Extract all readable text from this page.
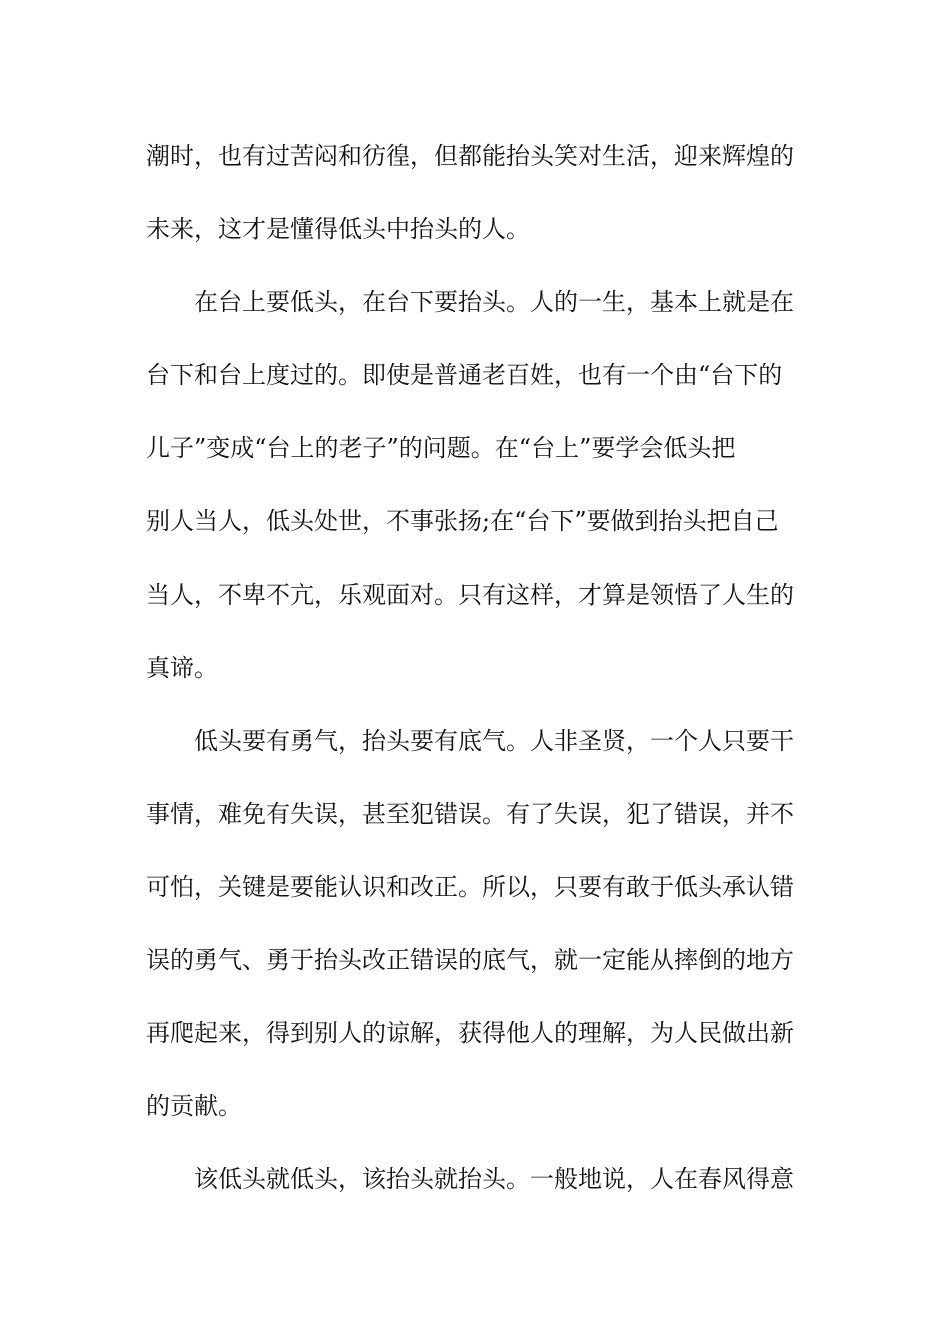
潮时，也有过苦闷和彷徨，但都能抬头笑对生活，迎来辉煌的
未来，这才是懂得低头中抬头的人。
在台上要低头，在台下要抬头。人的一生，基本上就是在
台下和台上度过的。即使是普通老百姓，也有一个由“台下的
儿子”变成“台上的老子”的问题。在“台上”要学会低头把
别人当人，低头处世，不事张扬;在“台下”要做到抬头把自己
当人，不卑不亢，乐观面对。只有这样，才算是领悟了人生的
真谛。
低头要有勇气，抬头要有底气。人非圣贤，一个人只要干
事情，难免有失误，甚至犯错误。有了失误，犯了错误，并不
可怕，关键是要能认识和改正。所以，只要有敢于低头承认错
误的勇气、勇于抬头改正错误的底气，就一定能从摔倒的地方
再爬起来，得到别人的谅解，获得他人的理解，为人民做出新
的贡献。
该低头就低头，该抬头就抬头。一般地说，人在春风得意
